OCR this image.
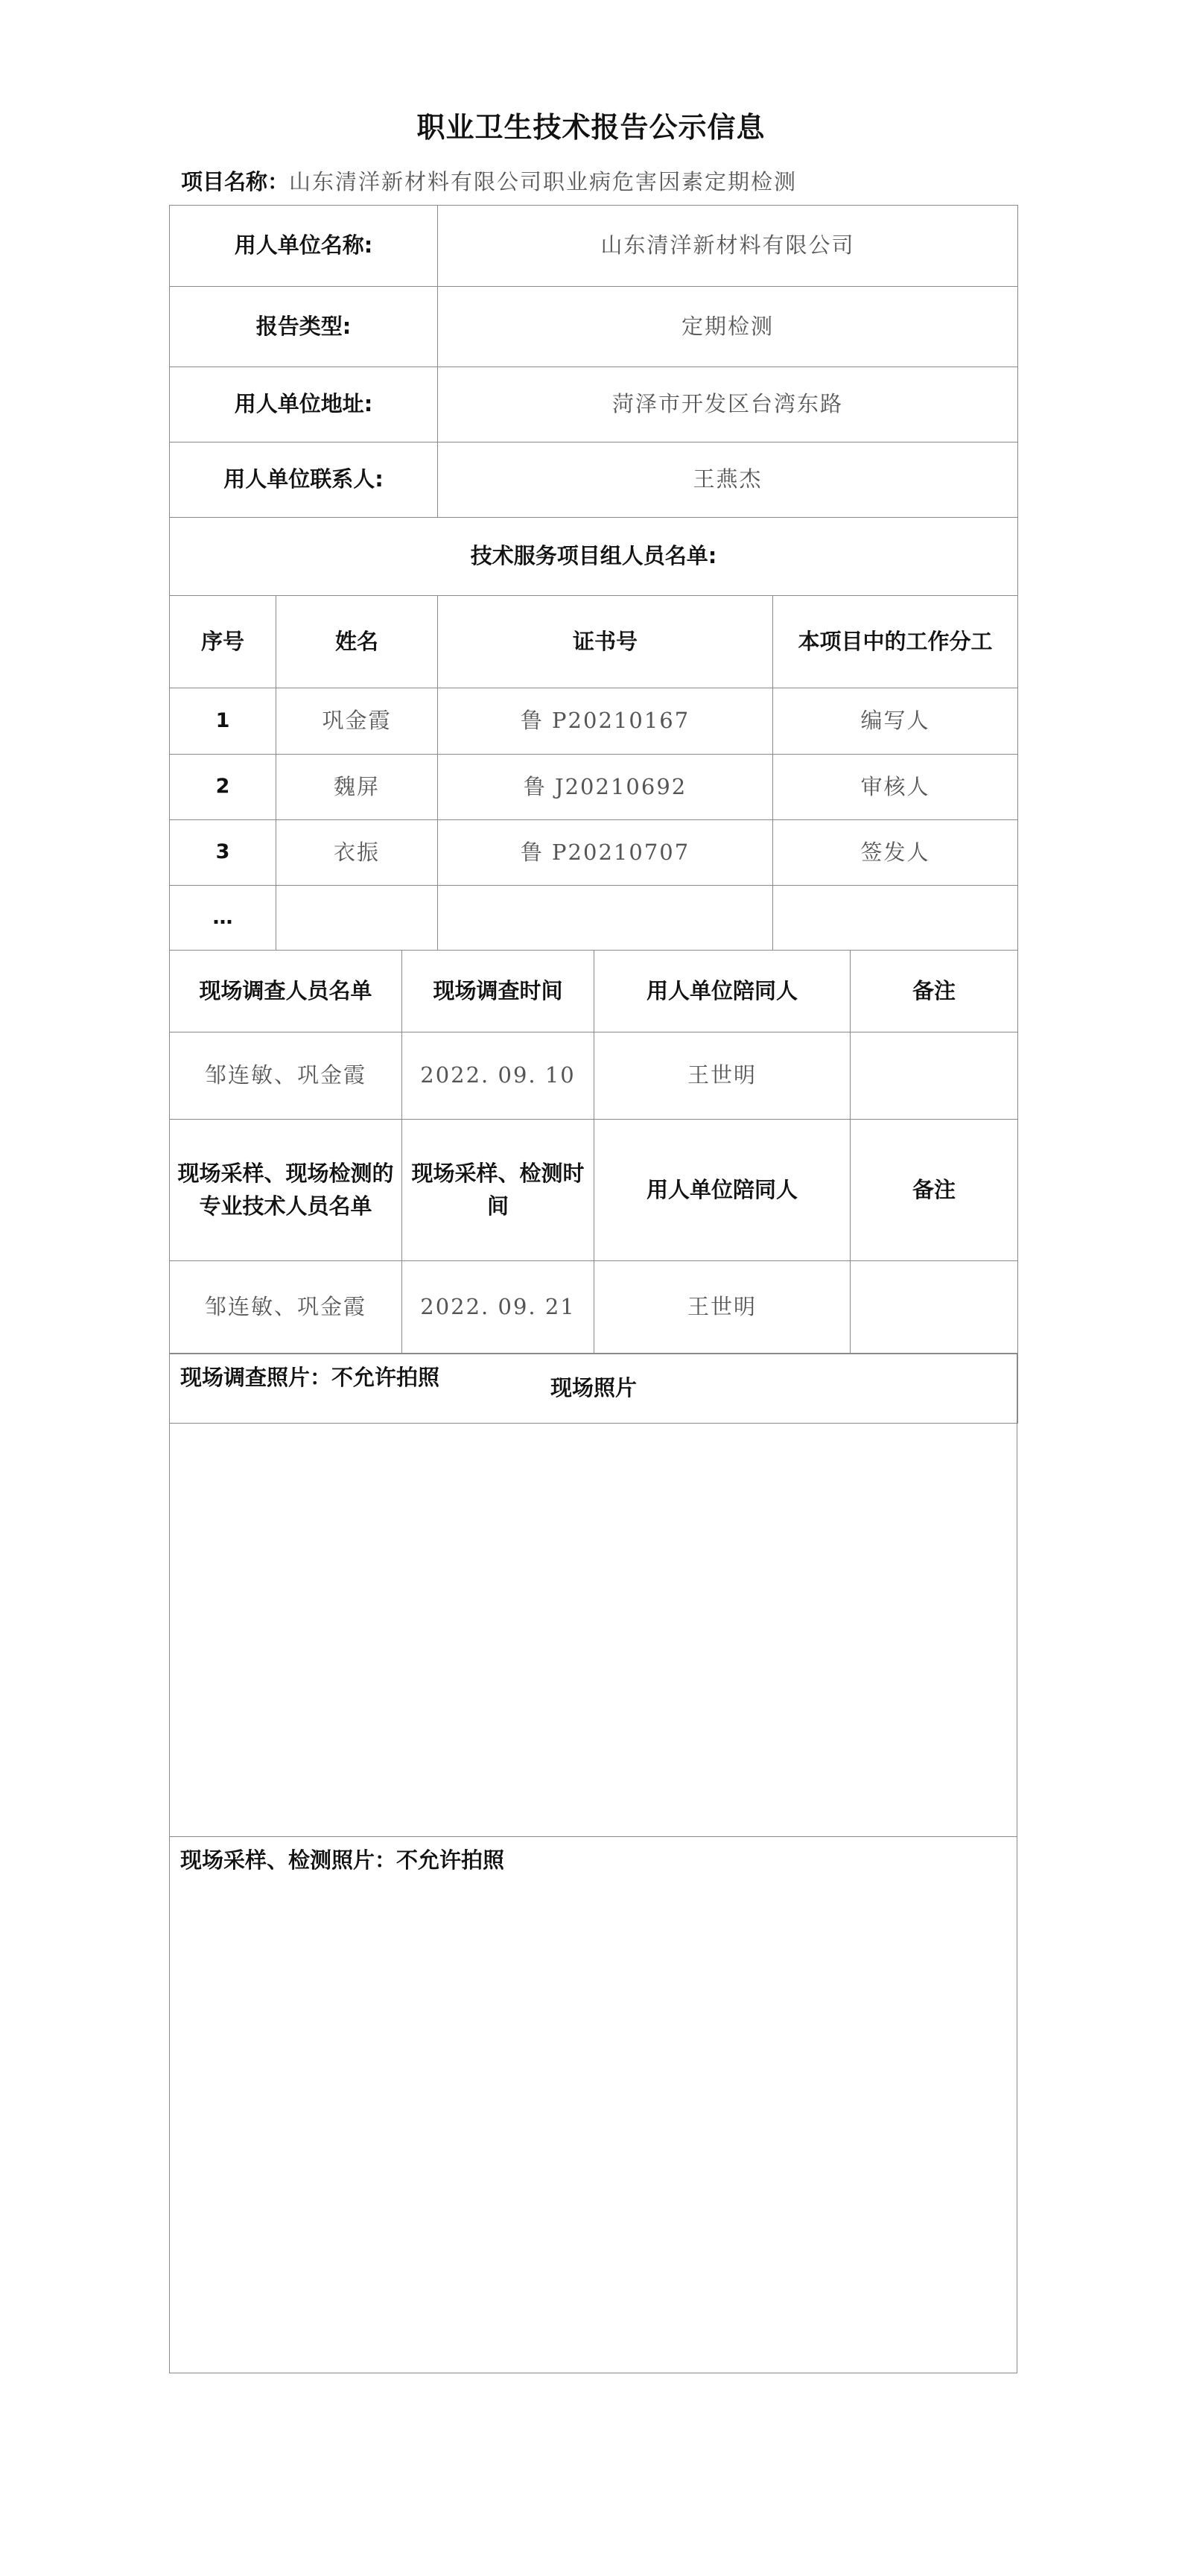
职业卫生技术报告公示信息
项目名称：山东清洋新材料有限公司职业病危害因素定期检测
用人单位名称:		山东清洋新材料有限公司	
报告类型:		定期检测	
用人单位地址:		菏泽市开发区台湾东路	
用人单位联系人:		王燕杰	
技术服务项目组人员名单:			
序号	姓名	证书号	本项目中的工作分工
1	巩金霞	鲁 P20210167	编写人
2	魏屏	鲁 J20210692	审核人
3	衣振	鲁 P20210707	签发人
…			
现场调查人员名单	现场调查时间	用人单位陪同人	备注
邹连敏、巩金霞	2022. 09. 10	王世明	
现场采样、现场检测的专业技术人员名单	现场采样、检测时间	用人单位陪同人	备注
邹连敏、巩金霞	2022. 09. 21	王世明	
现场照片			
现场调查照片：不允许拍照
现场采样、检测照片：不允许拍照
